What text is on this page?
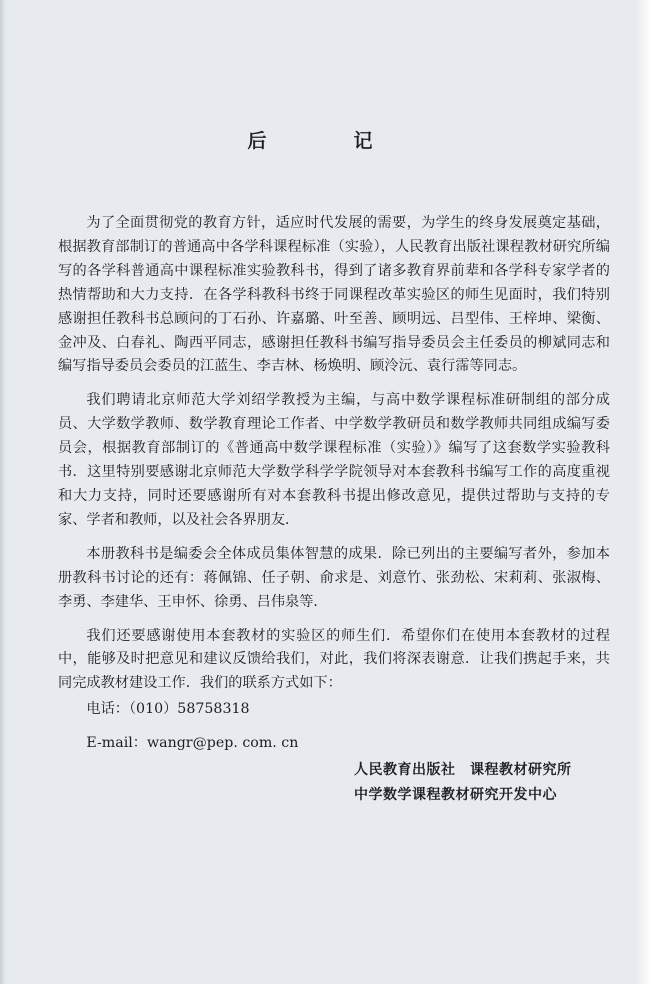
后　记

为了全面贯彻党的教育方针，适应时代发展的需要，为学生的终身发展奠定基础，根据教育部制订的普通高中各学科课程标准（实验），人民教育出版社课程教材研究所编写的各学科普通高中课程标准实验教科书，得到了诸多教育界前辈和各学科专家学者的热情帮助和大力支持．在各学科教科书终于同课程改革实验区的师生见面时，我们特别感谢担任教科书总顾问的丁石孙、许嘉璐、叶至善、顾明远、吕型伟、王梓坤、梁衡、金冲及、白春礼、陶西平同志，感谢担任教科书编写指导委员会主任委员的柳斌同志和编写指导委员会委员的江蓝生、李吉林、杨焕明、顾泠沅、袁行霈等同志。

我们聘请北京师范大学刘绍学教授为主编，与高中数学课程标准研制组的部分成员、大学数学教师、数学教育理论工作者、中学数学教研员和数学教师共同组成编写委员会，根据教育部制订的《普通高中数学课程标准（实验）》编写了这套数学实验教科书．这里特别要感谢北京师范大学数学科学学院领导对本套教科书编写工作的高度重视和大力支持，同时还要感谢所有对本套教科书提出修改意见，提供过帮助与支持的专家、学者和教师，以及社会各界朋友．

本册教科书是编委会全体成员集体智慧的成果．除已列出的主要编写者外，参加本册教科书讨论的还有：蒋佩锦、任子朝、俞求是、刘意竹、张劲松、宋莉莉、张淑梅、李勇、李建华、王申怀、徐勇、吕伟泉等．

我们还要感谢使用本套教材的实验区的师生们．希望你们在使用本套教材的过程中，能够及时把意见和建议反馈给我们，对此，我们将深表谢意．让我们携起手来，共同完成教材建设工作．我们的联系方式如下：

电话：（010）58758318

E-mail：wangr@pep. com. cn

人民教育出版社　课程教材研究所
中学数学课程教材研究开发中心
